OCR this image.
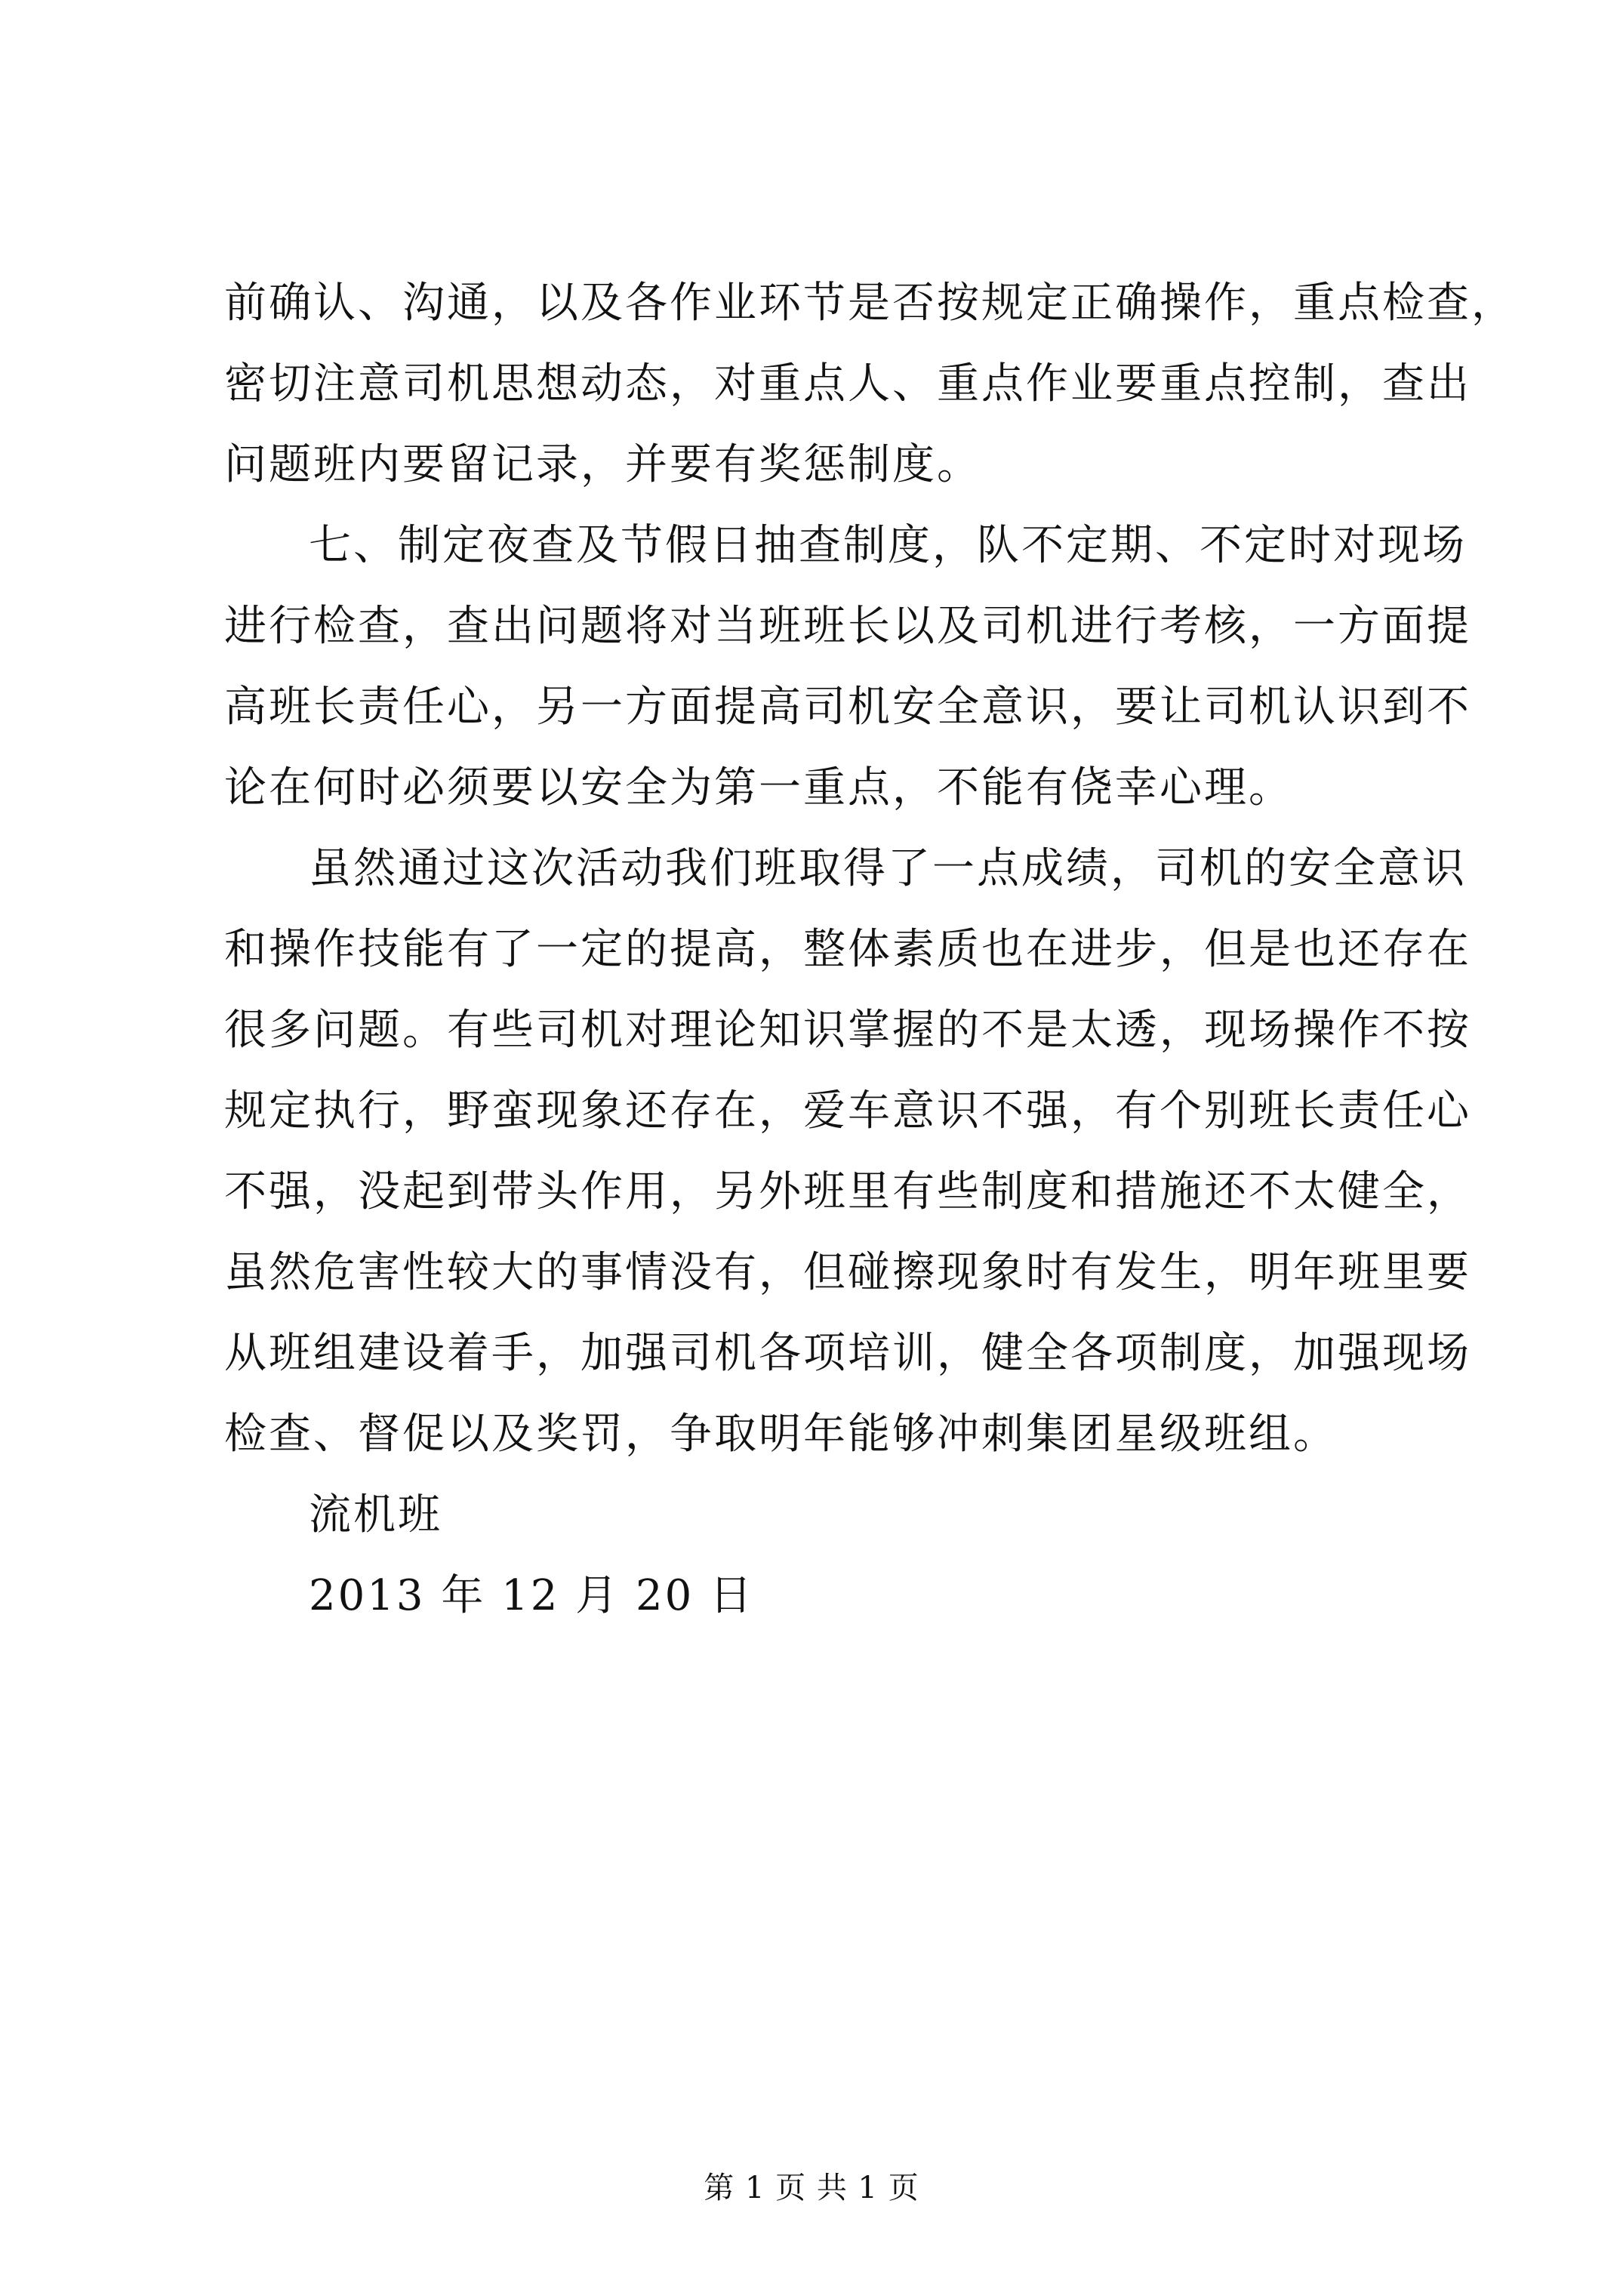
前确认、沟通，以及各作业环节是否按规定正确操作，重点检查，
密切注意司机思想动态，对重点人、重点作业要重点控制，查出
问题班内要留记录，并要有奖惩制度。
七、制定夜查及节假日抽查制度，队不定期、不定时对现场
进行检查，查出问题将对当班班长以及司机进行考核，一方面提
高班长责任心，另一方面提高司机安全意识，要让司机认识到不
论在何时必须要以安全为第一重点，不能有侥幸心理。
虽然通过这次活动我们班取得了一点成绩，司机的安全意识
和操作技能有了一定的提高，整体素质也在进步，但是也还存在
很多问题。有些司机对理论知识掌握的不是太透，现场操作不按
规定执行，野蛮现象还存在，爱车意识不强，有个别班长责任心
不强，没起到带头作用，另外班里有些制度和措施还不太健全，
虽然危害性较大的事情没有，但碰擦现象时有发生，明年班里要
从班组建设着手，加强司机各项培训，健全各项制度，加强现场
检查、督促以及奖罚，争取明年能够冲刺集团星级班组。
流机班
2013 年 12 月 20 日
第 1 页 共 1 页
